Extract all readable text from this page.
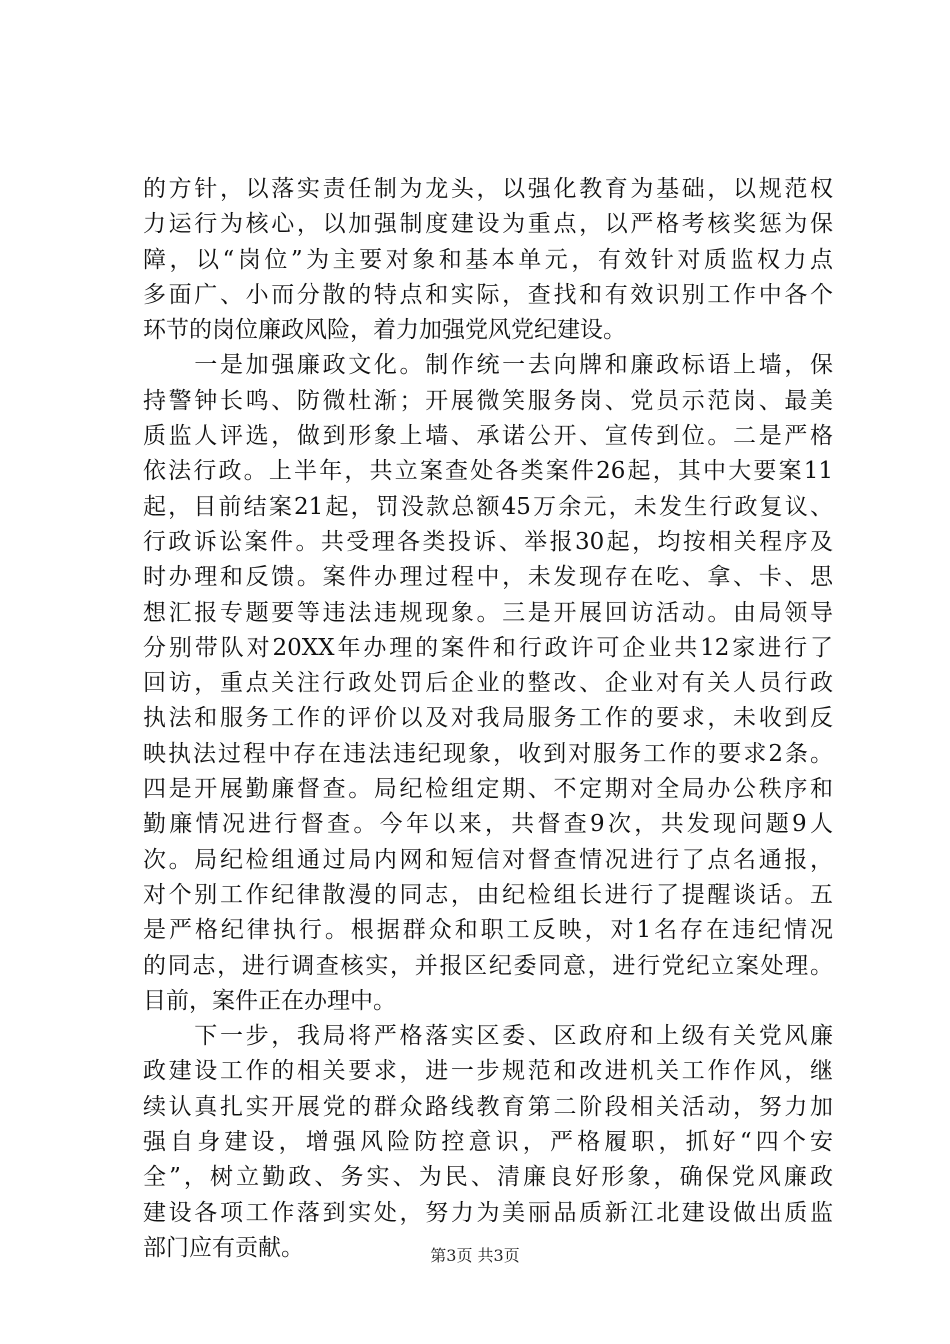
的方针，以落实责任制为龙头，以强化教育为基础，以规范权
力运行为核心，以加强制度建设为重点，以严格考核奖惩为保
障，以“岗位”为主要对象和基本单元，有效针对质监权力点
多面广、小而分散的特点和实际，查找和有效识别工作中各个
环节的岗位廉政风险，着力加强党风党纪建设。
　　一是加强廉政文化。制作统一去向牌和廉政标语上墙，保
持警钟长鸣、防微杜渐；开展微笑服务岗、党员示范岗、最美
质监人评选，做到形象上墙、承诺公开、宣传到位。二是严格
依法行政。上半年，共立案查处各类案件26起，其中大要案11
起，目前结案21起，罚没款总额45万余元，未发生行政复议、
行政诉讼案件。共受理各类投诉、举报30起，均按相关程序及
时办理和反馈。案件办理过程中，未发现存在吃、拿、卡、思
想汇报专题要等违法违规现象。三是开展回访活动。由局领导
分别带队对20XX年办理的案件和行政许可企业共12家进行了
回访，重点关注行政处罚后企业的整改、企业对有关人员行政
执法和服务工作的评价以及对我局服务工作的要求，未收到反
映执法过程中存在违法违纪现象，收到对服务工作的要求2条。
四是开展勤廉督查。局纪检组定期、不定期对全局办公秩序和
勤廉情况进行督查。今年以来，共督查9次，共发现问题9人
次。局纪检组通过局内网和短信对督查情况进行了点名通报，
对个别工作纪律散漫的同志，由纪检组长进行了提醒谈话。五
是严格纪律执行。根据群众和职工反映，对1名存在违纪情况
的同志，进行调查核实，并报区纪委同意，进行党纪立案处理。
目前，案件正在办理中。
　　下一步，我局将严格落实区委、区政府和上级有关党风廉
政建设工作的相关要求，进一步规范和改进机关工作作风，继
续认真扎实开展党的群众路线教育第二阶段相关活动，努力加
强自身建设，增强风险防控意识，严格履职，抓好“四个安
全”，树立勤政、务实、为民、清廉良好形象，确保党风廉政
建设各项工作落到实处，努力为美丽品质新江北建设做出质监
部门应有贡献。	第3页 共3页
